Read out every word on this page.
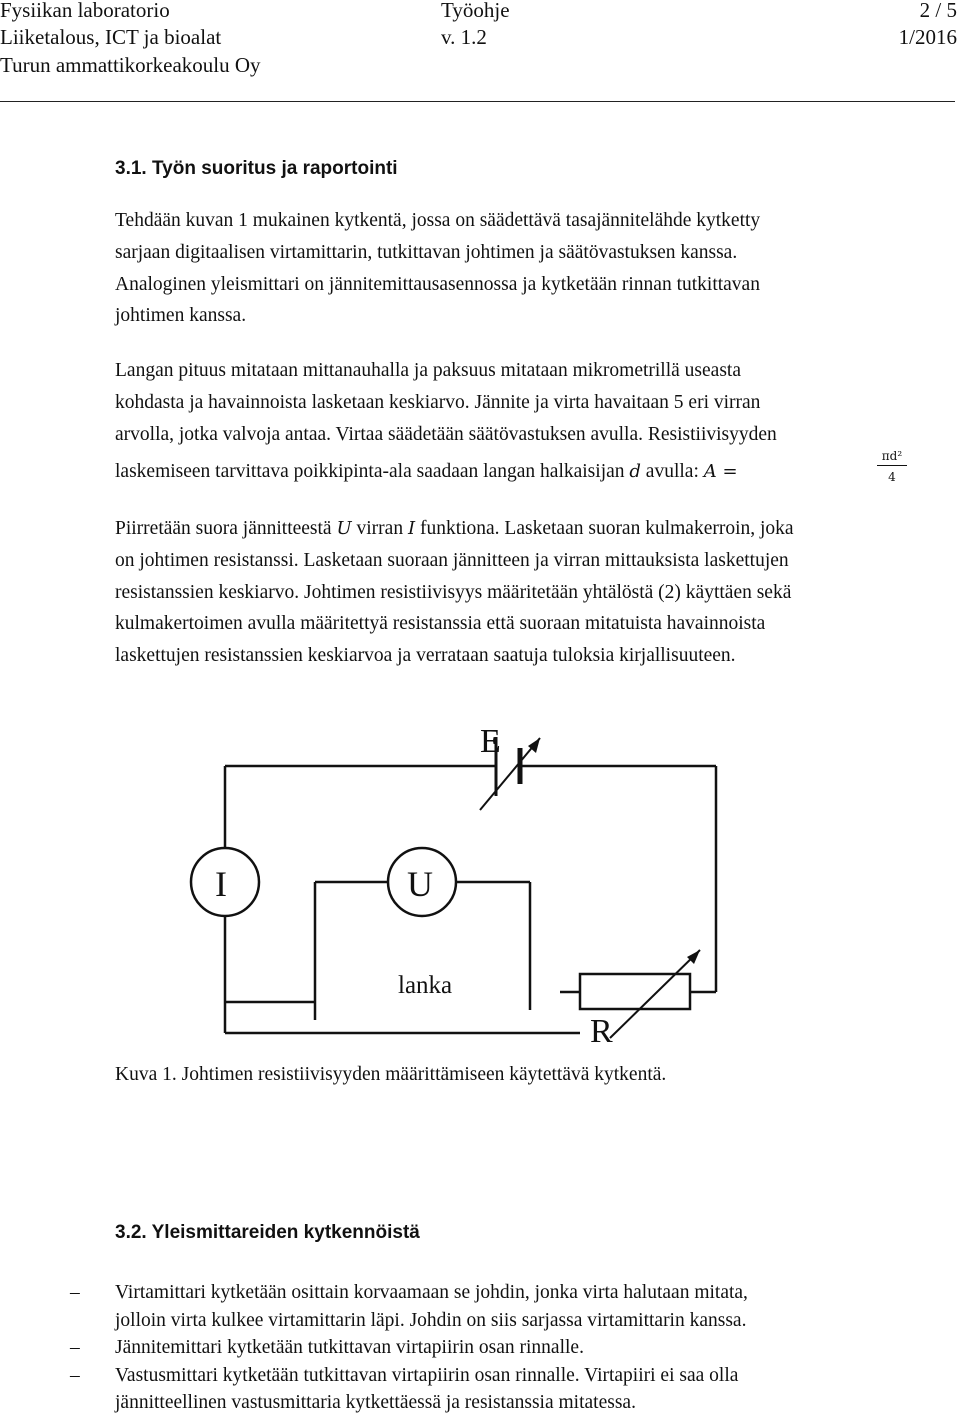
Fysiikan laboratorio
Liiketalous, ICT ja bioalat
Turun ammattikorkeakoulu Oy
Työohje
v. 1.2
2 / 5
1/2016
3.1. Työn suoritus ja raportointi
Tehdään kuvan 1 mukainen kytkentä, jossa on säädettävä tasajännitelähde kytketty
sarjaan digitaalisen virtamittarin, tutkittavan johtimen ja säätövastuksen kanssa.
Analoginen yleismittari on jännitemittausasennossa ja kytketään rinnan tutkittavan
johtimen kanssa.
Langan pituus mitataan mittanauhalla ja paksuus mitataan mikrometrillä useasta
kohdasta ja havainnoista lasketaan keskiarvo. Jännite ja virta havaitaan 5 eri virran
arvolla, jotka valvoja antaa. Virtaa säädetään säätövastuksen avulla. Resistiivisyyden
laskemiseen tarvittava poikkipinta-ala saadaan langan halkaisijan d avulla: A =	$\frac{\text{πd²}}{4}$
Piirretään suora jännitteestä U virran I funktiona. Lasketaan suoran kulmakerroin, joka
on johtimen resistanssi. Lasketaan suoraan jännitteen ja virran mittauksista laskettujen
resistanssien keskiarvo. Johtimen resistiivisyys määritetään yhtälöstä (2) käyttäen sekä
kulmakertoimen avulla määritettyä resistanssia että suoraan mitatuista havainnoista
laskettujen resistanssien keskiarvoa ja verrataan saatuja tuloksia kirjallisuuteen.
E
I	U
lanka
R
Kuva 1. Johtimen resistiivisyyden määrittämiseen käytettävä kytkentä.
3.2. Yleismittareiden kytkennöistä
– Virtamittari kytketään osittain korvaamaan se johdin, jonka virta halutaan mitata,
jolloin virta kulkee virtamittarin läpi. Johdin on siis sarjassa virtamittarin kanssa.
– Jännitemittari kytketään tutkittavan virtapiirin osan rinnalle.
– Vastusmittari kytketään tutkittavan virtapiirin osan rinnalle. Virtapiiri ei saa olla
jännitteellinen vastusmittaria kytkettäessä ja resistanssia mitatessa.
